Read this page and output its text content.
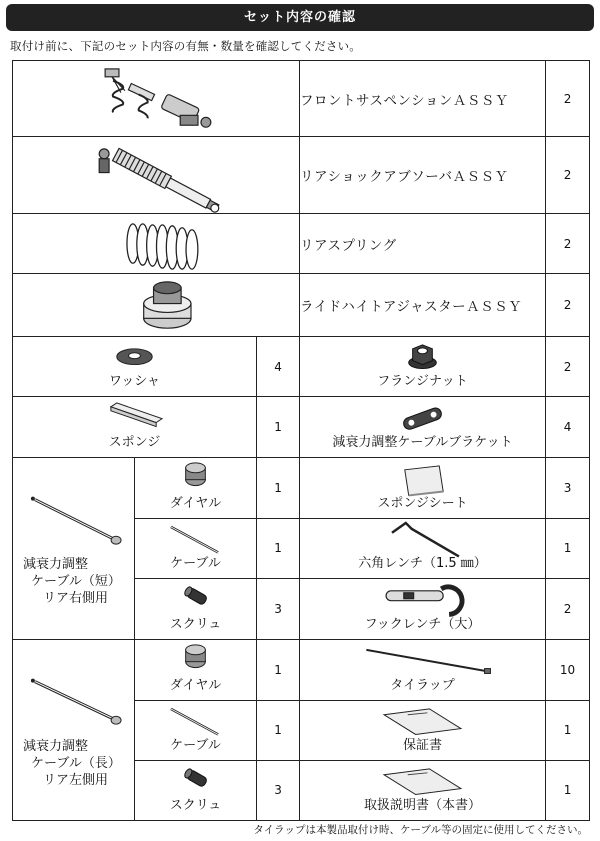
セット内容の確認
取付け前に、下記のセット内容の有無・数量を確認してください。
	フロントサスペンションＡＳＳＹ	2

	リアショックアブソーバＡＳＳＹ	2

	リアスプリング	2

	ライドハイトアジャスターＡＳＳＹ	2

ワッシャ		4	フランジナット	2

スポンジ		1	減衰力調整ケーブルブラケット	4

減衰力調整
ケーブル（短）
リア右側用	ダイヤル	1	スポンジシート	3

	ケーブル	1	六角レンチ（1.5 ㎜）	1

	スクリュ	3	フックレンチ（大）	2

減衰力調整
ケーブル（長）
リア左側用	ダイヤル	1	タイラップ	10

	ケーブル	1	保証書	1

	スクリュ	3	取扱説明書（本書）	1
タイラップは本製品取付け時、ケーブル等の固定に使用してください。
